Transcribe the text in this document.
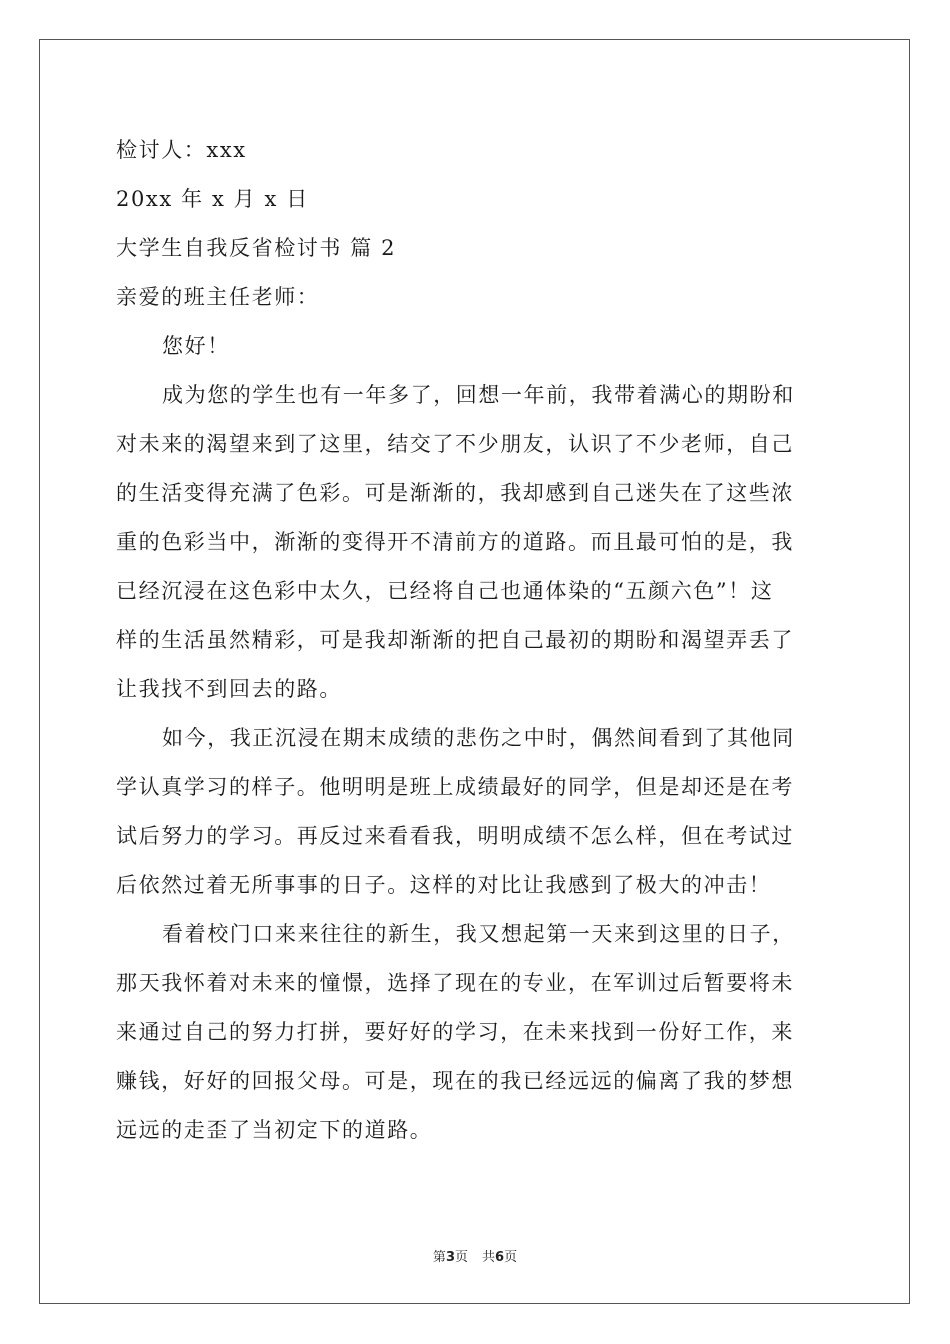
检讨人：xxx
20xx 年 x 月 x 日
大学生自我反省检讨书 篇 2
亲爱的班主任老师：
您好！
成为您的学生也有一年多了，回想一年前，我带着满心的期盼和
对未来的渴望来到了这里，结交了不少朋友，认识了不少老师，自己
的生活变得充满了色彩。可是渐渐的，我却感到自己迷失在了这些浓
重的色彩当中，渐渐的变得开不清前方的道路。而且最可怕的是，我
已经沉浸在这色彩中太久，已经将自己也通体染的“五颜六色”！这
样的生活虽然精彩，可是我却渐渐的把自己最初的期盼和渴望弄丢了
让我找不到回去的路。
如今，我正沉浸在期末成绩的悲伤之中时，偶然间看到了其他同
学认真学习的样子。他明明是班上成绩最好的同学，但是却还是在考
试后努力的学习。再反过来看看我，明明成绩不怎么样，但在考试过
后依然过着无所事事的日子。这样的对比让我感到了极大的冲击！
看着校门口来来往往的新生，我又想起第一天来到这里的日子，
那天我怀着对未来的憧憬，选择了现在的专业，在军训过后暂要将未
来通过自己的努力打拼，要好好的学习，在未来找到一份好工作，来
赚钱，好好的回报父母。可是，现在的我已经远远的偏离了我的梦想
远远的走歪了当初定下的道路。
第3页 共6页
